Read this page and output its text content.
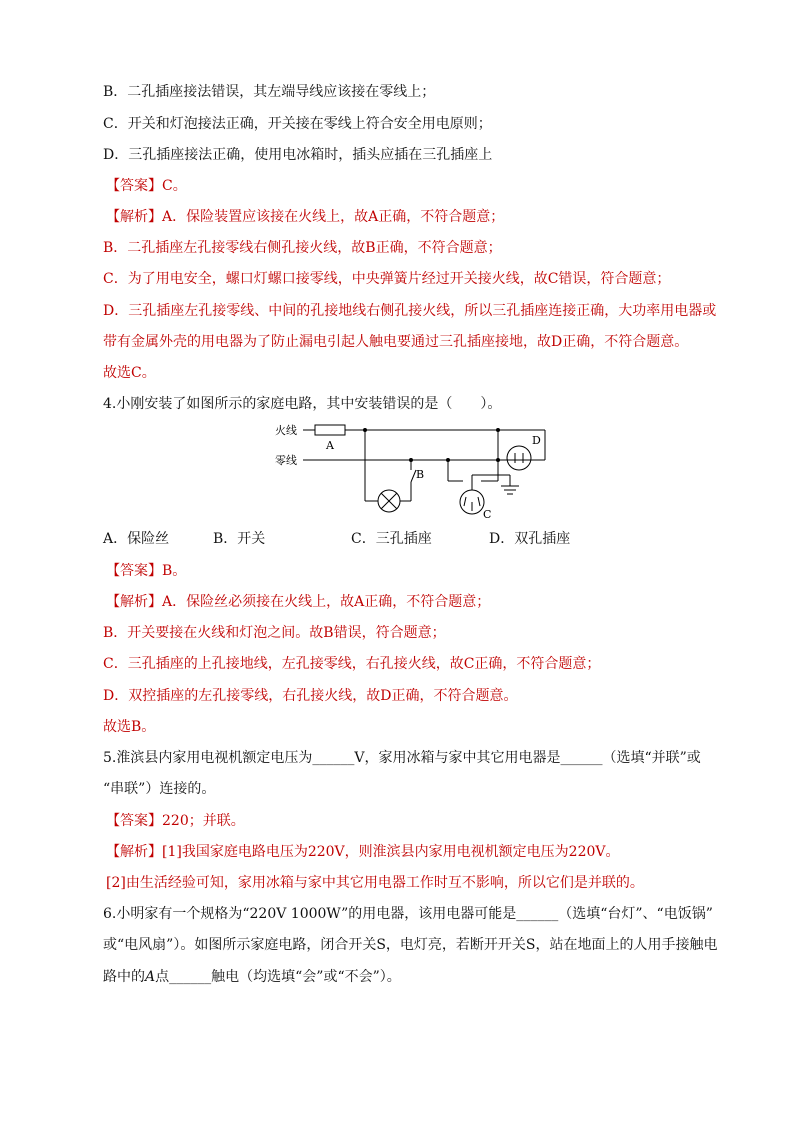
B．二孔插座接法错误，其左端导线应该接在零线上；
C．开关和灯泡接法正确，开关接在零线上符合安全用电原则；
D．三孔插座接法正确，使用电冰箱时，插头应插在三孔插座上
【答案】C。
【解析】A．保险装置应该接在火线上，故A正确，不符合题意；
B．二孔插座左孔接零线右侧孔接火线，故B正确，不符合题意；
C．为了用电安全，螺口灯螺口接零线，中央弹簧片经过开关接火线，故C错误，符合题意；
D．三孔插座左孔接零线、中间的孔接地线右侧孔接火线，所以三孔插座连接正确，大功率用电器或
带有金属外壳的用电器为了防止漏电引起人触电要通过三孔插座接地，故D正确，不符合题意。
故选C。
4.小刚安装了如图所示的家庭电路，其中安装错误的是（　　）。
火线
零线
A
B
C
D
A．保险丝	B．开关	C．三孔插座	D．双孔插座
【答案】B。
【解析】A．保险丝必须接在火线上，故A正确，不符合题意；
B．开关要接在火线和灯泡之间。故B错误，符合题意；
C．三孔插座的上孔接地线，左孔接零线，右孔接火线，故C正确，不符合题意；
D．双控插座的左孔接零线，右孔接火线，故D正确，不符合题意。
故选B。
5.淮滨县内家用电视机额定电压为______V，家用冰箱与家中其它用电器是______（选填“并联”或
“串联”）连接的。
【答案】220；并联。
【解析】[1]我国家庭电路电压为220V，则淮滨县内家用电视机额定电压为220V。
[2]由生活经验可知，家用冰箱与家中其它用电器工作时互不影响，所以它们是并联的。
6.小明家有一个规格为“220V 1000W”的用电器，该用电器可能是______（选填“台灯”、“电饭锅”
或“电风扇”）。如图所示家庭电路，闭合开关S，电灯亮，若断开开关S，站在地面上的人用手接触电
路中的A点______触电（均选填“会”或“不会”）。
